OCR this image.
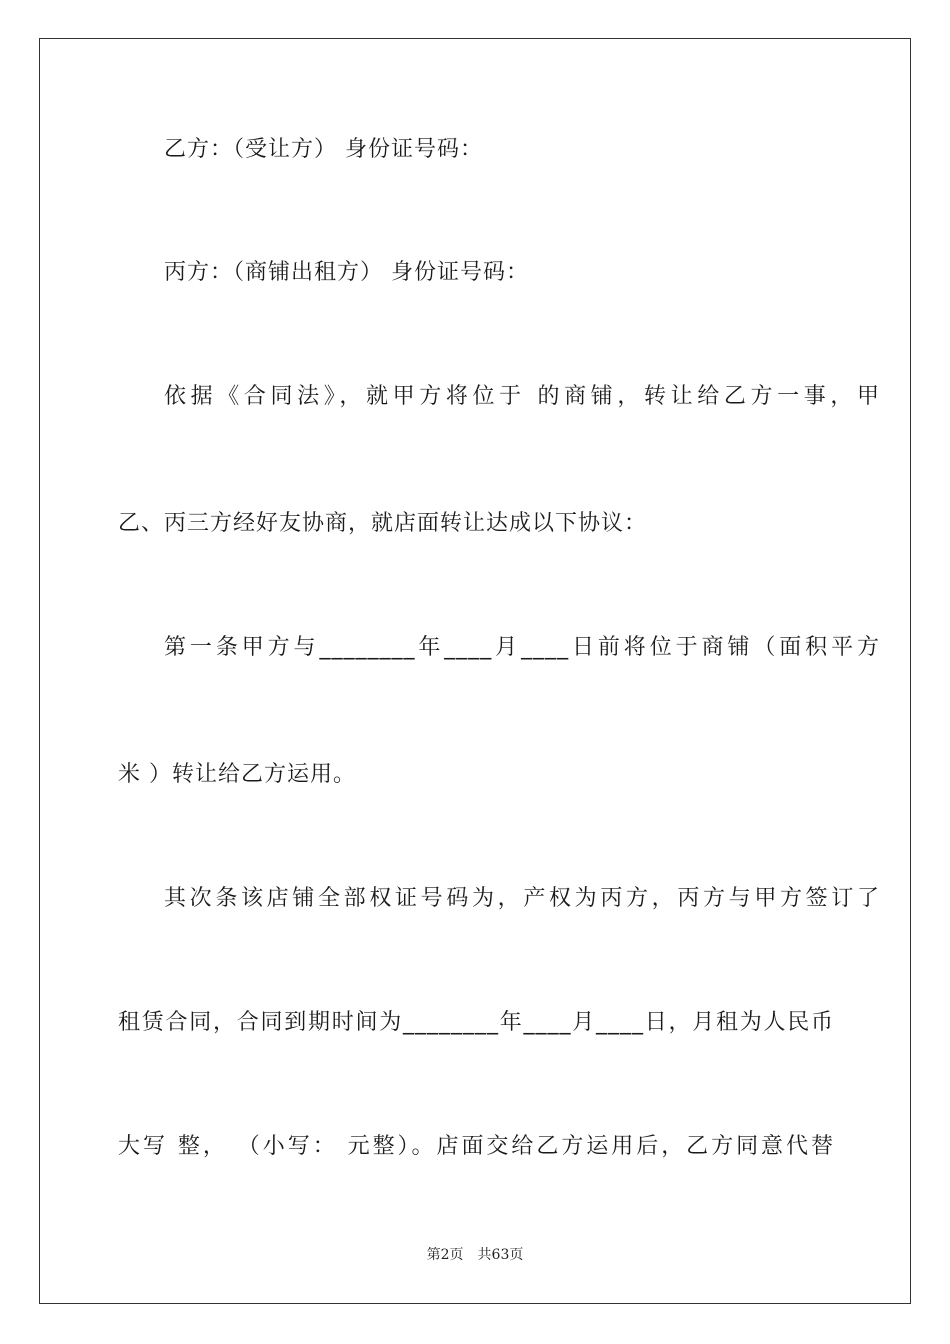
乙方：（受让方） 身份证号码：
丙方：（商铺出租方） 身份证号码：
依据《合同法》，就甲方将位于 的商铺，转让给乙方一事，甲
乙、丙三方经好友协商，就店面转让达成以下协议：
第一条甲方与________年____月____日前将位于商铺（面积平方
米 ）转让给乙方运用。
其次条该店铺全部权证号码为，产权为丙方，丙方与甲方签订了
租赁合同，合同到期时间为________年____月____日，月租为人民币
大写 整， （小写： 元整）。店面交给乙方运用后，乙方同意代替
第2页 共63页
